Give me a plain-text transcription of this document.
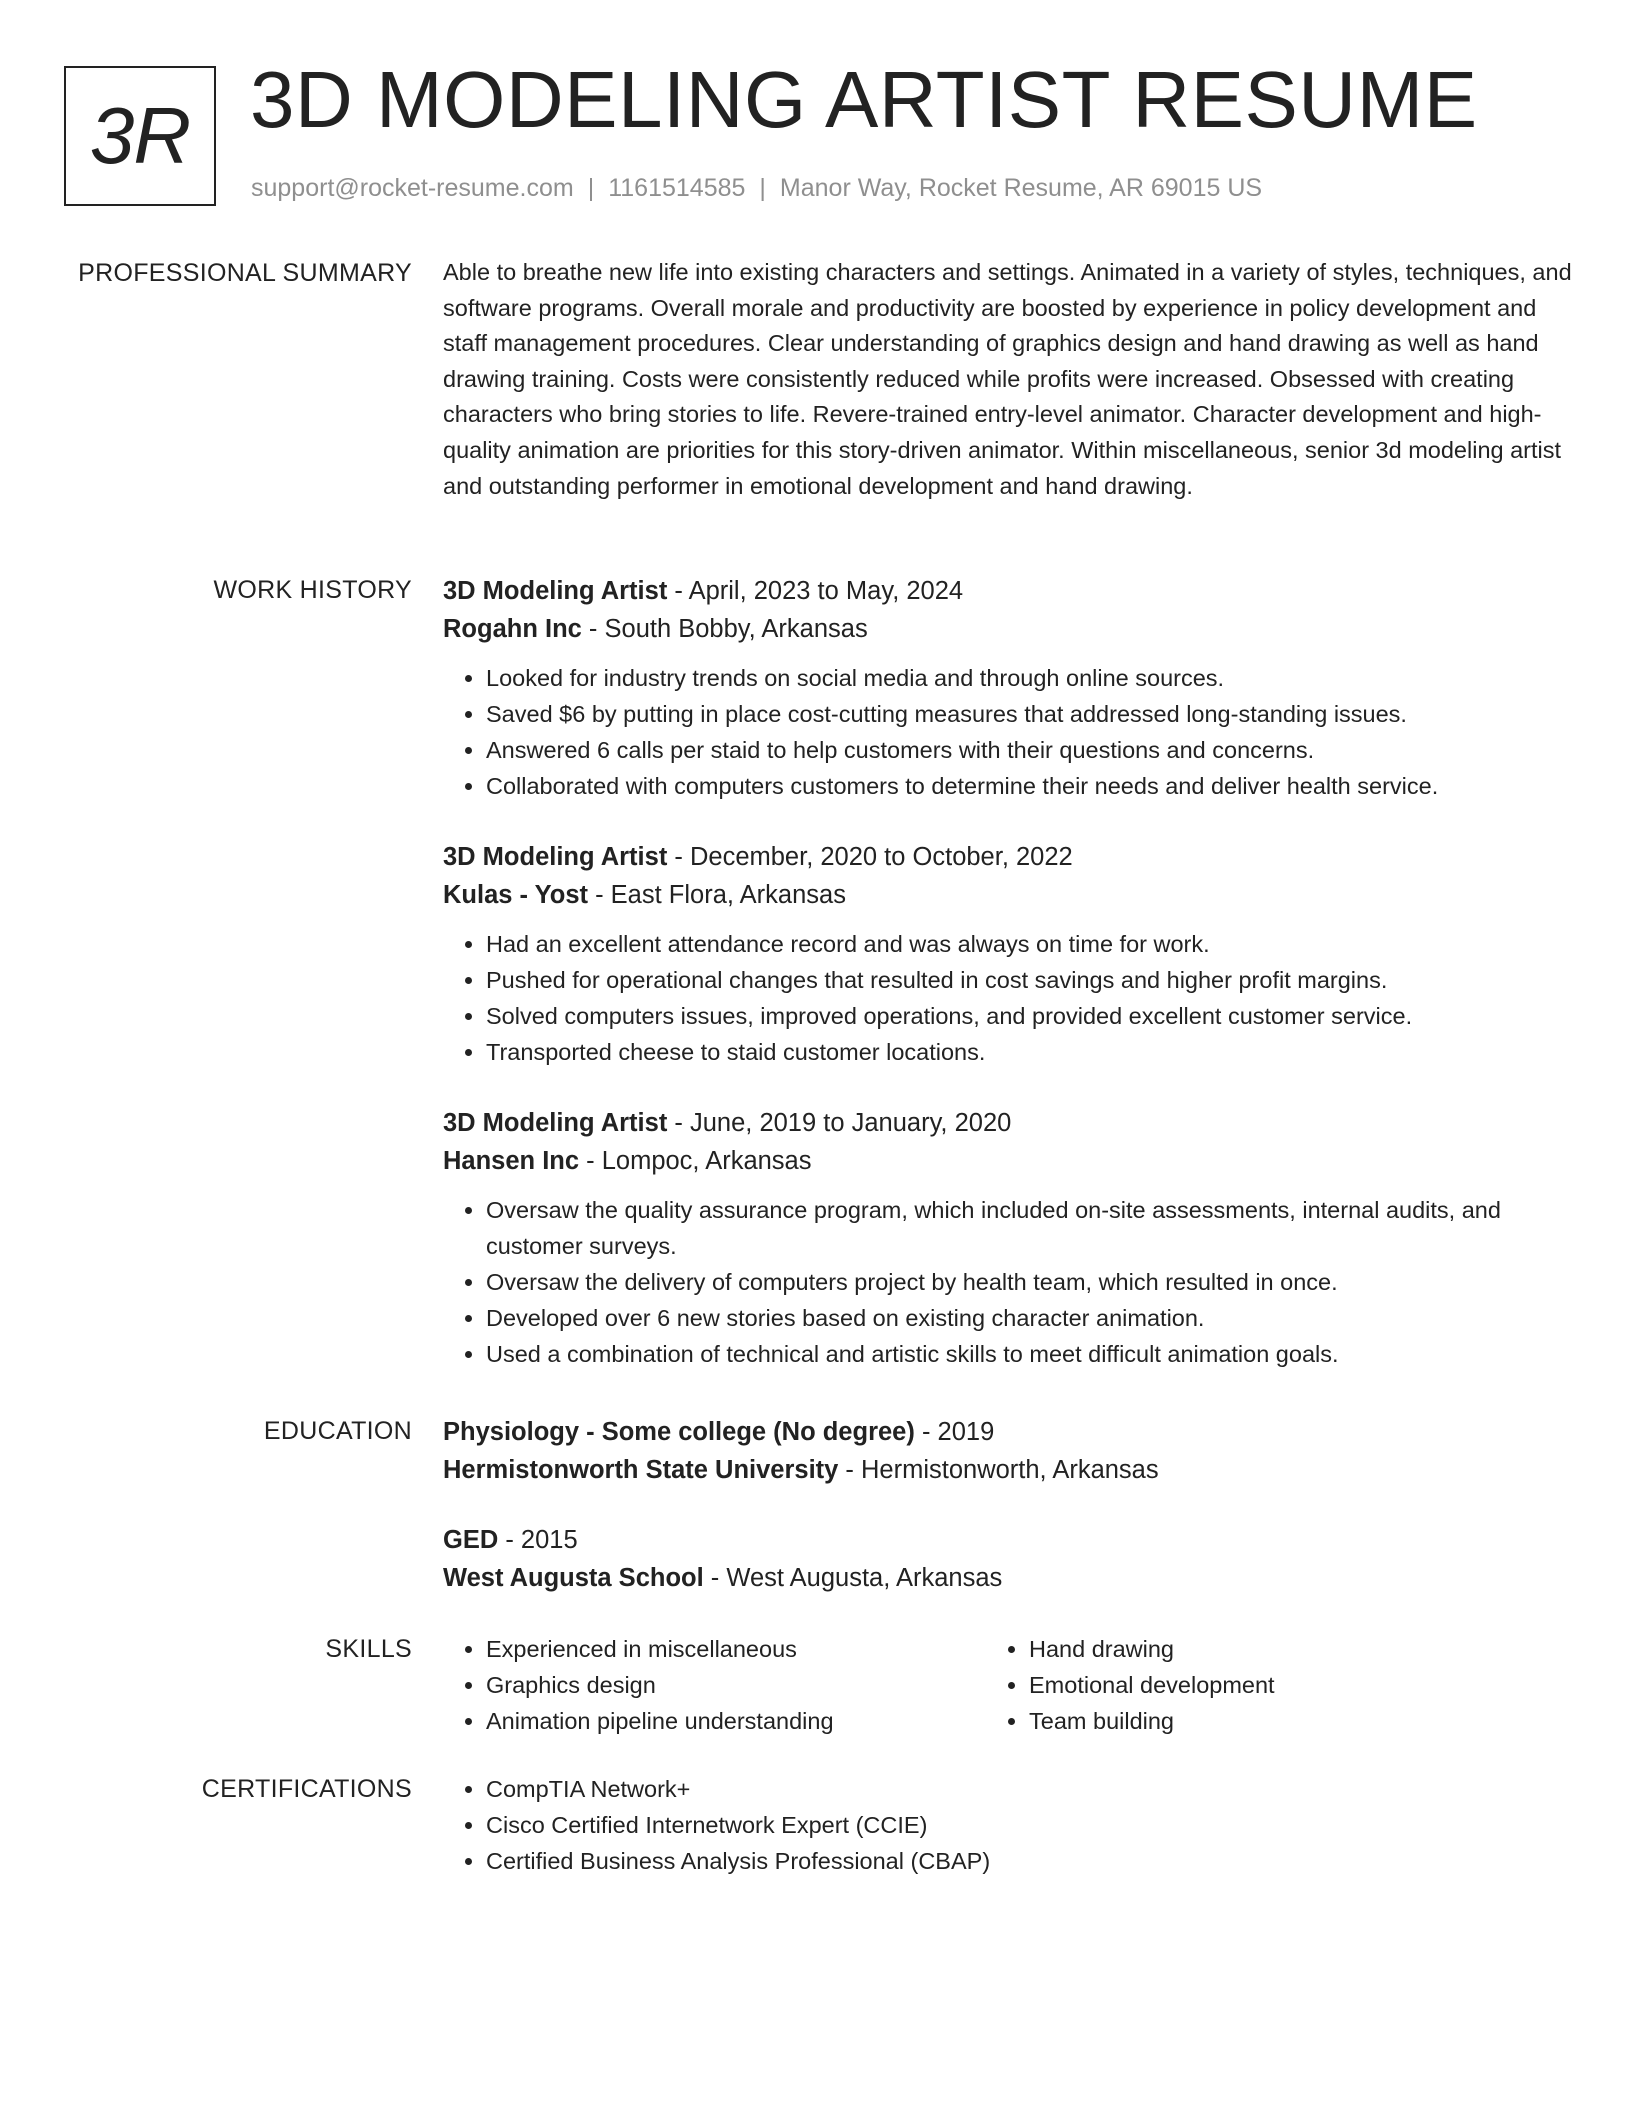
3R 3D MODELING ARTIST RESUME
support@rocket-resume.com | 1161514585 | Manor Way, Rocket Resume, AR 69015 US
PROFESSIONAL SUMMARY Able to breathe new life into existing characters and settings. Animated in a variety of styles, techniques, and software programs. Overall morale and productivity are boosted by experience in policy development and staff management procedures. Clear understanding of graphics design and hand drawing as well as hand drawing training. Costs were consistently reduced while profits were increased. Obsessed with creating characters who bring stories to life. Revere-trained entry-level animator. Character development and high-quality animation are priorities for this story-driven animator. Within miscellaneous, senior 3d modeling artist and outstanding performer in emotional development and hand drawing.

WORK HISTORY 3D Modeling Artist - April, 2023 to May, 2024
Rogahn Inc - South Bobby, Arkansas
• Looked for industry trends on social media and through online sources.
• Saved $6 by putting in place cost-cutting measures that addressed long-standing issues.
• Answered 6 calls per staid to help customers with their questions and concerns.
• Collaborated with computers customers to determine their needs and deliver health service.
3D Modeling Artist - December, 2020 to October, 2022
Kulas - Yost - East Flora, Arkansas
• Had an excellent attendance record and was always on time for work.
• Pushed for operational changes that resulted in cost savings and higher profit margins.
• Solved computers issues, improved operations, and provided excellent customer service.
• Transported cheese to staid customer locations.
3D Modeling Artist - June, 2019 to January, 2020
Hansen Inc - Lompoc, Arkansas
• Oversaw the quality assurance program, which included on-site assessments, internal audits, and customer surveys.
• Oversaw the delivery of computers project by health team, which resulted in once.
• Developed over 6 new stories based on existing character animation.
• Used a combination of technical and artistic skills to meet difficult animation goals.
EDUCATION Physiology - Some college (No degree) - 2019
Hermistonworth State University - Hermistonworth, Arkansas
GED - 2015
West Augusta School - West Augusta, Arkansas
SKILLS	• Experienced in miscellaneous
• Graphics design
• Animation pipeline understanding
• Hand drawing
• Emotional development
• Team building
CERTIFICATIONS	• CompTIA Network+
• Cisco Certified Internetwork Expert (CCIE)
• Certified Business Analysis Professional (CBAP)
